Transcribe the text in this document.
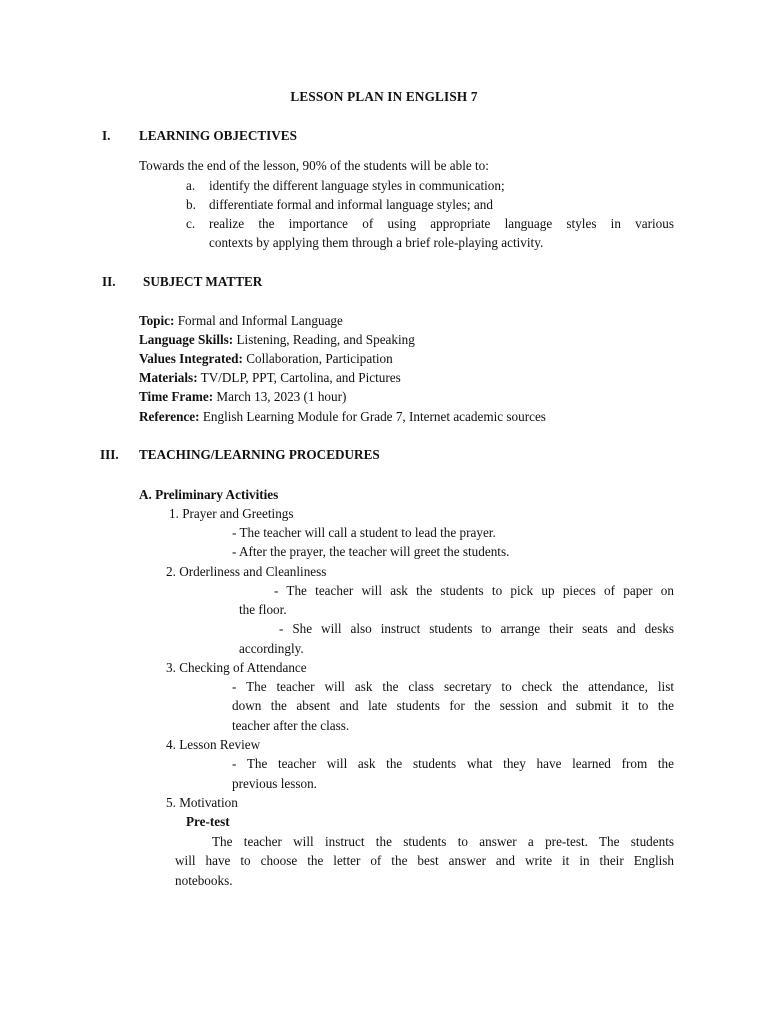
LESSON PLAN IN ENGLISH 7
I. LEARNING OBJECTIVES
Towards the end of the lesson, 90% of the students will be able to:
a. identify the different language styles in communication;
b. differentiate formal and informal language styles; and
c. realize the importance of using appropriate language styles in various
contexts by applying them through a brief role-playing activity.
II. SUBJECT MATTER
Topic: Formal and Informal Language
Language Skills: Listening, Reading, and Speaking
Values Integrated: Collaboration, Participation
Materials: TV/DLP, PPT, Cartolina, and Pictures
Time Frame: March 13, 2023 (1 hour)
Reference: English Learning Module for Grade 7, Internet academic sources
III. TEACHING/LEARNING PROCEDURES
A. Preliminary Activities
1. Prayer and Greetings
- The teacher will call a student to lead the prayer.
- After the prayer, the teacher will greet the students.
2. Orderliness and Cleanliness
- The teacher will ask the students to pick up pieces of paper on
the floor.
- She will also instruct students to arrange their seats and desks
accordingly.
3. Checking of Attendance
- The teacher will ask the class secretary to check the attendance, list
down the absent and late students for the session and submit it to the
teacher after the class.
4. Lesson Review
- The teacher will ask the students what they have learned from the
previous lesson.
5. Motivation
Pre-test
The teacher will instruct the students to answer a pre-test. The students
will have to choose the letter of the best answer and write it in their English
notebooks.
